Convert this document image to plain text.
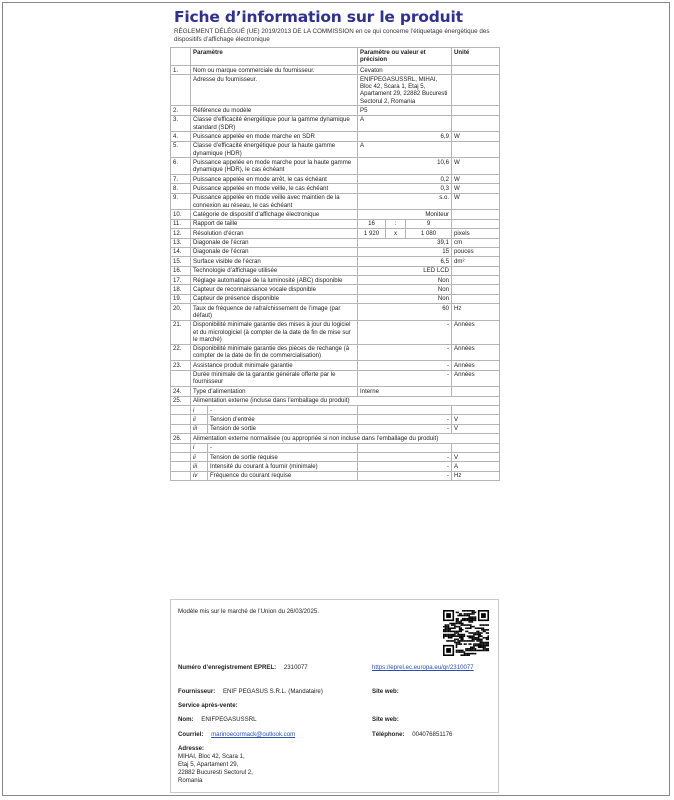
Fiche d’information sur le produit
RÈGLEMENT DÉLÉGUÉ (UE) 2019/2013 DE LA COMMISSION en ce qui concerne l’étiquetage énergétique des dispositifs d’affichage électronique
	Paramètre		Paramètre ou valeur et précision			Unité
1.	Nom ou marque commerciale du fournisseur.		Cevaton			
	Adresse du fournisseur.		ENIFPEGASUSSRL, MIHAI, Bloc 42, Scara 1, Etaj 5, Apartament 29, 22882 Bucuresti Sectorul 2, Romania			
2.	Référence du modèle		P5			
3.	Classe d’efficacité énergétique pour la gamme dynamique standard (SDR)		A			
4.	Puissance appelée en mode marche en SDR		6,9			W
5.	Classe d’efficacité énergétique pour la haute gamme dynamique (HDR)		A			
6.	Puissance appelée en mode marche pour la haute gamme dynamique (HDR), le cas échéant		10,6			W
7.	Puissance appelée en mode arrêt, le cas échéant		0,2			W
8.	Puissance appelée en mode veille, le cas échéant		0,3			W
9.	Puissance appelée en mode veille avec maintien de la connexion au réseau, le cas échéant		s.o.			W
10.	Catégorie de dispositif d’affichage électronique		Moniteur			
11.	Rapport de taille		16	:	9	
12.	Résolution d’écran		1 920	x	1 080	pixels
13.	Diagonale de l’écran		39,1			cm
14.	Diagonale de l’écran		15			pouces
15.	Surface visible de l’écran		6,5			dm²
16.	Technologie d’affichage utilisée		LED LCD			
17.	Réglage automatique de la luminosité (ABC) disponible		Non			
18.	Capteur de reconnaissance vocale disponible		Non			
19.	Capteur de présence disponible		Non			
20.	Taux de fréquence de rafraîchissement de l’image (par défaut)		60			Hz
21.	Disponibilité minimale garantie des mises à jour du logiciel et du micrologiciel (à compter de la date de fin de mise sur le marché)		-			Années
22.	Disponibilité minimale garantie des pièces de rechange (à compter de la date de fin de commercialisation)		-			Années
23.	Assistance produit minimale garantie		-			Années
	Durée minimale de la garantie générale offerte par le fournisseur		-			Années
24.	Type d’alimentation		Interne			
25.	Alimentation externe (incluse dans l’emballage du produit)					
	i	-				
	ii	Tension d’entrée	-			V
	iii	Tension de sortie	-			V
26.	Alimentation externe normalisée (ou appropriée si non incluse dans l’emballage du produit)					
	i	-				
	ii	Tension de sortie requise	-			V
	iii	Intensité du courant à fournir (minimale)	-			A
	iv	Fréquence du courant requise	-			Hz
Modèle mis sur le marché de l’Union du 26/03/2025.
Numéro d’enregistrement EPREL: 2310077	https://eprel.ec.europa.eu/qr/2310077
Fournisseur: ENIF PEGASUS S.R.L. (Mandataire)	Site web:
Service après-vente:
Nom: ENIFPEGASUSSRL	Site web:
Courriel: marinoecormack@outlook.com	Téléphone: 004076851176
Adresse:
MIHAI, Bloc 42, Scara 1,
Etaj 5, Apartament 29,
22882 Bucuresti Sectorul 2,
Romania
